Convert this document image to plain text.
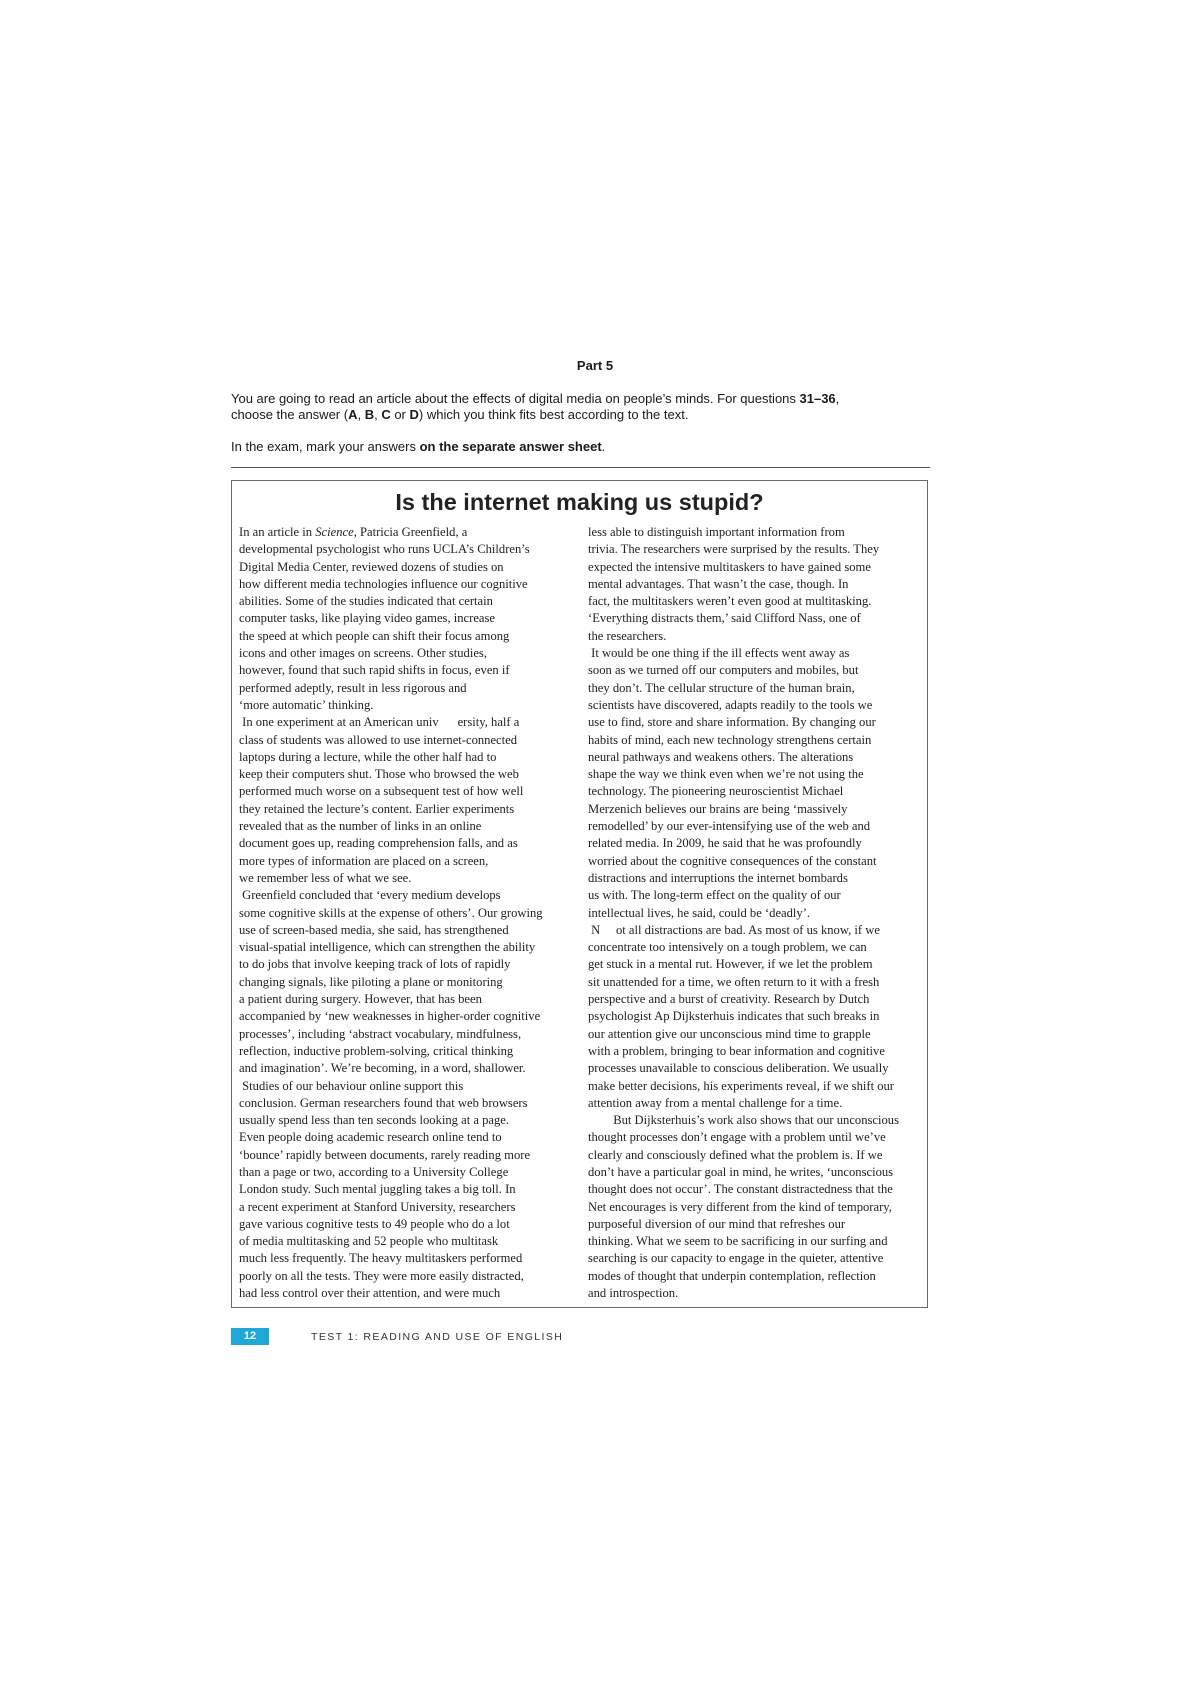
Part 5

You are going to read an article about the effects of digital media on people’s minds. For questions 31–36,
choose the answer (A, B, C or D) which you think fits best according to the text.

In the exam, mark your answers on the separate answer sheet.

Is the internet making us stupid?
In an article in Science, Patricia Greenfield, a
developmental psychologist who runs UCLA’s Children’s
Digital Media Center, reviewed dozens of studies on
how different media technologies influence our cognitive
abilities. Some of the studies indicated that certain
computer tasks, like playing video games, increase
the speed at which people can shift their focus among
icons and other images on screens. Other studies,
however, found that such rapid shifts in focus, even if
performed adeptly, result in less rigorous and
‘more automatic’ thinking.
In one experiment at an American univ      ersity, half a
class of students was allowed to use internet-connected
laptops during a lecture, while the other half had to
keep their computers shut. Those who browsed the web
performed much worse on a subsequent test of how well
they retained the lecture’s content. Earlier experiments
revealed that as the number of links in an online
document goes up, reading comprehension falls, and as
more types of information are placed on a screen,
we remember less of what we see.
Greenfield concluded that ‘every medium develops
some cognitive skills at the expense of others’. Our growing
use of screen-based media, she said, has strengthened
visual-spatial intelligence, which can strengthen the ability
to do jobs that involve keeping track of lots of rapidly
changing signals, like piloting a plane or monitoring
a patient during surgery. However, that has been
accompanied by ‘new weaknesses in higher-order cognitive
processes’, including ‘abstract vocabulary, mindfulness,
reflection, inductive problem-solving, critical thinking
and imagination’. We’re becoming, in a word, shallower.
Studies of our behaviour online support this
conclusion. German researchers found that web browsers
usually spend less than ten seconds looking at a page.
Even people doing academic research online tend to
‘bounce’ rapidly between documents, rarely reading more
than a page or two, according to a University College
London study. Such mental juggling takes a big toll. In
a recent experiment at Stanford University, researchers
gave various cognitive tests to 49 people who do a lot
of media multitasking and 52 people who multitask
much less frequently. The heavy multitaskers performed
poorly on all the tests. They were more easily distracted,
had less control over their attention, and were much
less able to distinguish important information from
trivia. The researchers were surprised by the results. They
expected the intensive multitaskers to have gained some
mental advantages. That wasn’t the case, though. In
fact, the multitaskers weren’t even good at multitasking.
‘Everything distracts them,’ said Clifford Nass, one of
the researchers.
It would be one thing if the ill effects went away as
soon as we turned off our computers and mobiles, but
they don’t. The cellular structure of the human brain,
scientists have discovered, adapts readily to the tools we
use to find, store and share information. By changing our
habits of mind, each new technology strengthens certain
neural pathways and weakens others. The alterations
shape the way we think even when we’re not using the
technology. The pioneering neuroscientist Michael
Merzenich believes our brains are being ‘massively
remodelled’ by our ever-intensifying use of the web and
related media. In 2009, he said that he was profoundly
worried about the cognitive consequences of the constant
distractions and interruptions the internet bombards
us with. The long-term effect on the quality of our
intellectual lives, he said, could be ‘deadly’.
N     ot all distractions are bad. As most of us know, if we
concentrate too intensively on a tough problem, we can
get stuck in a mental rut. However, if we let the problem
sit unattended for a time, we often return to it with a fresh
perspective and a burst of creativity. Research by Dutch
psychologist Ap Dijksterhuis indicates that such breaks in
our attention give our unconscious mind time to grapple
with a problem, bringing to bear information and cognitive
processes unavailable to conscious deliberation. We usually
make better decisions, his experiments reveal, if we shift our
attention away from a mental challenge for a time.
But Dijksterhuis’s work also shows that our unconscious
thought processes don’t engage with a problem until we’ve
clearly and consciously defined what the problem is. If we
don’t have a particular goal in mind, he writes, ‘unconscious
thought does not occur’. The constant distractedness that the
Net encourages is very different from the kind of temporary,
purposeful diversion of our mind that refreshes our
thinking. What we seem to be sacrificing in our surfing and
searching is our capacity to engage in the quieter, attentive
modes of thought that underpin contemplation, reflection
and introspection.
12	TEST 1: READING AND USE OF ENGLISH
